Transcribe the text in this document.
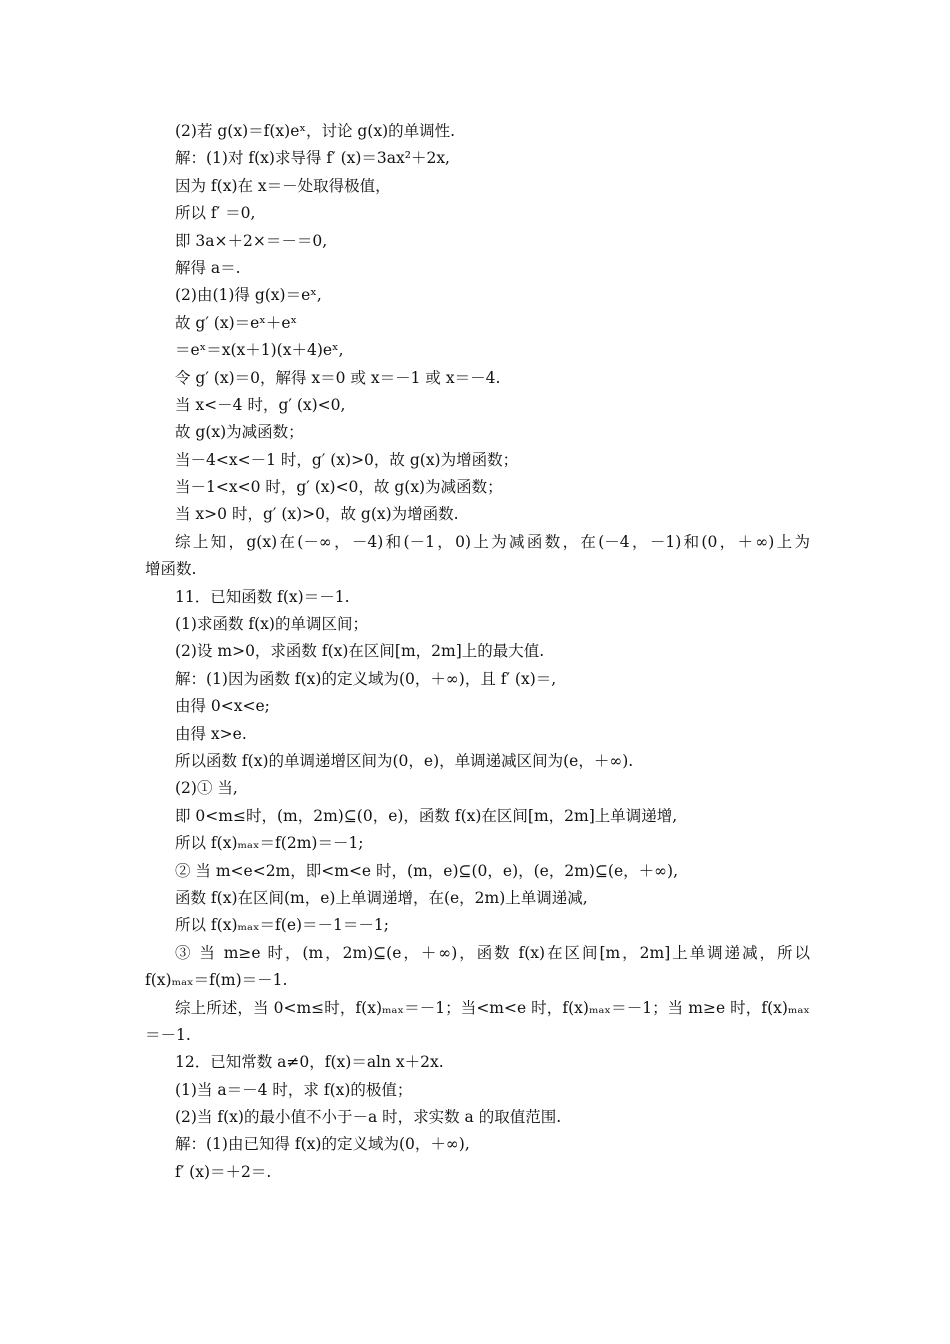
(2)若 g(x)＝f(x)eˣ，讨论 g(x)的单调性.
解：(1)对 f(x)求导得 f′ (x)＝3ax²＋2x,
因为 f(x)在 x＝－处取得极值，
所以 f′ ＝0,
即 3a×＋2×＝－＝0,
解得 a＝.
(2)由(1)得 g(x)＝eˣ,
故 g′ (x)＝eˣ＋eˣ
＝eˣ＝x(x＋1)(x＋4)eˣ,
令 g′ (x)＝0，解得 x＝0 或 x＝－1 或 x＝－4.
当 x<－4 时，g′ (x)<0,
故 g(x)为减函数；
当－4<x<－1 时，g′ (x)>0，故 g(x)为增函数；
当－1<x<0 时，g′ (x)<0，故 g(x)为减函数；
当 x>0 时，g′ (x)>0，故 g(x)为增函数.
综上知，g(x)在(－∞，－4)和(－1，0)上为减函数，在(－4，－1)和(0，＋∞)上为
增函数.
11．已知函数 f(x)＝－1.
(1)求函数 f(x)的单调区间；
(2)设 m>0，求函数 f(x)在区间[m，2m]上的最大值.
解：(1)因为函数 f(x)的定义域为(0，＋∞)，且 f′ (x)＝,
由得 0<x<e;
由得 x>e.
所以函数 f(x)的单调递增区间为(0，e)，单调递减区间为(e，＋∞).
(2)① 当,
即 0<m≤时，(m，2m)⊆(0，e)，函数 f(x)在区间[m，2m]上单调递增,
所以 f(x)ₘₐₓ＝f(2m)＝－1;
② 当 m<e<2m，即<m<e 时，(m，e)⊆(0，e)，(e，2m)⊆(e，＋∞),
函数 f(x)在区间(m，e)上单调递增，在(e，2m)上单调递减,
所以 f(x)ₘₐₓ＝f(e)＝－1＝－1;
③ 当 m≥e 时，(m，2m)⊆(e，＋∞)，函数 f(x)在区间[m，2m]上单调递减，所以
f(x)ₘₐₓ＝f(m)＝－1.
综上所述，当 0<m≤时，f(x)ₘₐₓ＝－1；当<m<e 时，f(x)ₘₐₓ＝－1；当 m≥e 时，f(x)ₘₐₓ
＝－1.
12．已知常数 a≠0，f(x)＝aln x＋2x.
(1)当 a＝－4 时，求 f(x)的极值；
(2)当 f(x)的最小值不小于－a 时，求实数 a 的取值范围.
解：(1)由已知得 f(x)的定义域为(0，＋∞),
f′ (x)＝＋2＝.
